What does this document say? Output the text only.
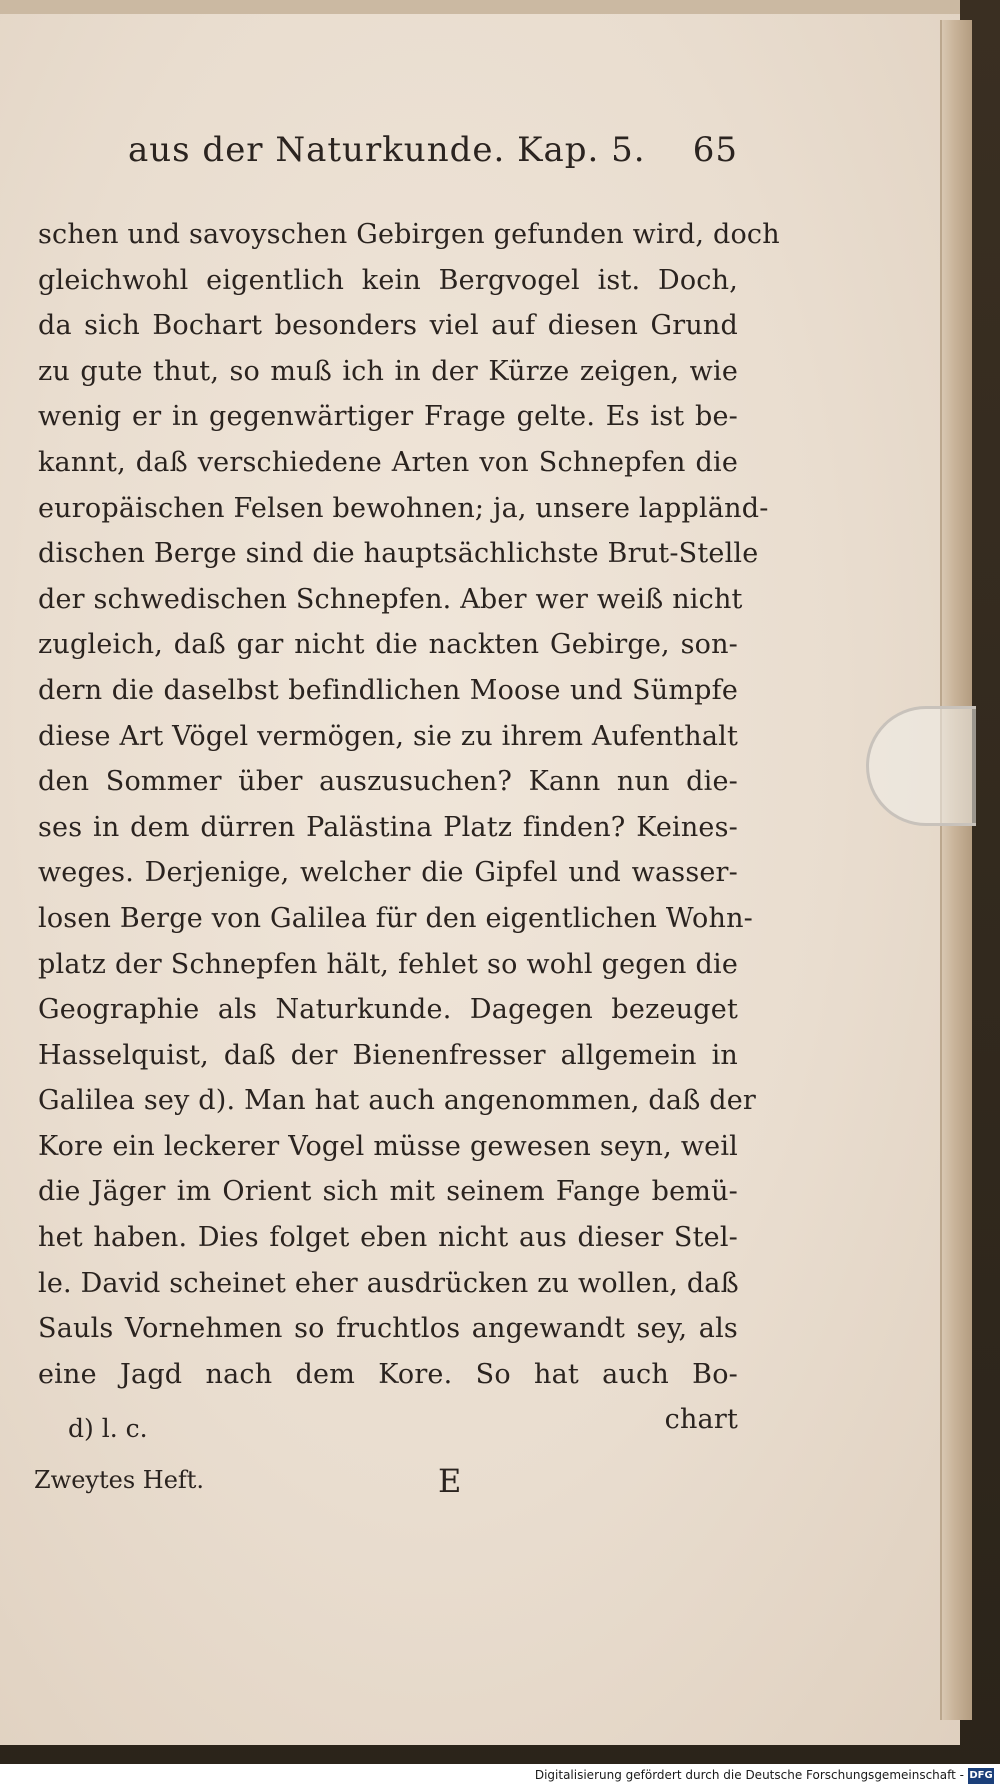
aus der Naturkunde. Kap. 5. 65
schen und savoyschen Gebirgen gefunden wird, doch
gleichwohl eigentlich kein Bergvogel ist. Doch,
da sich Bochart besonders viel auf diesen Grund
zu gute thut, so muß ich in der Kürze zeigen, wie
wenig er in gegenwärtiger Frage gelte. Es ist be-
kannt, daß verschiedene Arten von Schnepfen die
europäischen Felsen bewohnen; ja, unsere lappländ-
dischen Berge sind die hauptsächlichste Brut-Stelle
der schwedischen Schnepfen. Aber wer weiß nicht
zugleich, daß gar nicht die nackten Gebirge, son-
dern die daselbst befindlichen Moose und Sümpfe
diese Art Vögel vermögen, sie zu ihrem Aufenthalt
den Sommer über auszusuchen? Kann nun die-
ses in dem dürren Palästina Platz finden? Keines-
weges. Derjenige, welcher die Gipfel und wasser-
losen Berge von Galilea für den eigentlichen Wohn-
platz der Schnepfen hält, fehlet so wohl gegen die
Geographie als Naturkunde. Dagegen bezeuget
Hasselquist, daß der Bienenfresser allgemein in
Galilea sey d). Man hat auch angenommen, daß der
Kore ein leckerer Vogel müsse gewesen seyn, weil
die Jäger im Orient sich mit seinem Fange bemü-
het haben. Dies folget eben nicht aus dieser Stel-
le. David scheinet eher ausdrücken zu wollen, daß
Sauls Vornehmen so fruchtlos angewandt sey, als
eine Jagd nach dem Kore. So hat auch Bo-
chart
d) l. c.
Zweytes Heft.	E
Digitalisierung gefördert durch die Deutsche Forschungsgemeinschaft - DFG
